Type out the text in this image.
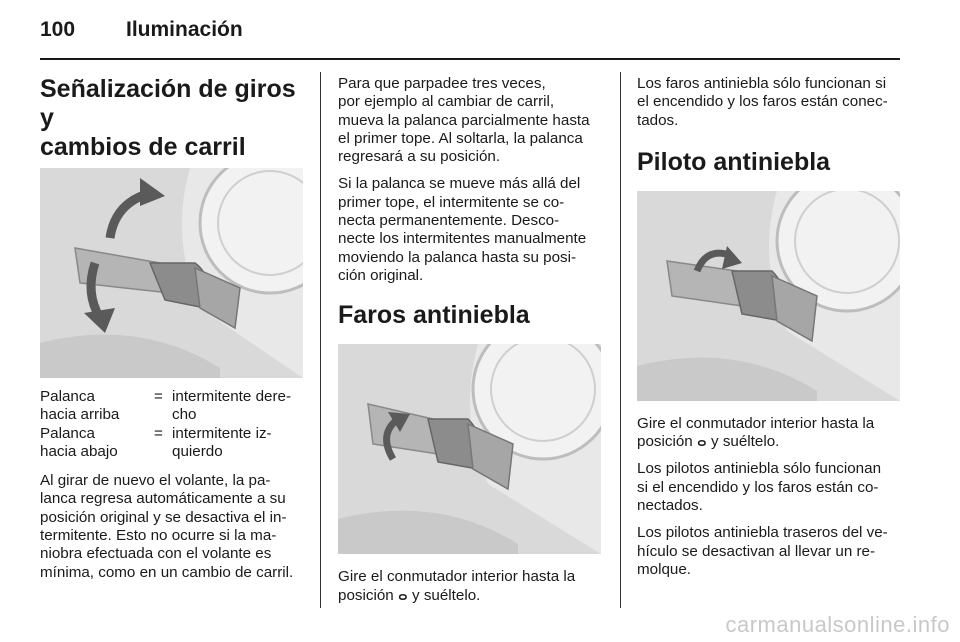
100 Iluminación
Señalización de giros y
cambios de carril
Palanca
hacia arriba	=	intermitente dere-
cho
Palanca
hacia abajo	=	intermitente iz-
quierdo

Al girar de nuevo el volante, la pa-
lanca regresa automáticamente a su
posición original y se desactiva el in-
termitente. Esto no ocurre si la ma-
niobra efectuada con el volante es
mínima, como en un cambio de carril.

Para que parpadee tres veces,
por ejemplo al cambiar de carril,
mueva la palanca parcialmente hasta
el primer tope. Al soltarla, la palanca
regresará a su posición.

Si la palanca se mueve más allá del
primer tope, el intermitente se co-
necta permanentemente. Desco-
necte los intermitentes manualmente
moviendo la palanca hasta su posi-
ción original.

Faros antiniebla

Gire el conmutador interior hasta la
posición ⴰ y suéltelo.

Los faros antiniebla sólo funcionan si
el encendido y los faros están conec-
tados.

Piloto antiniebla

Gire el conmutador interior hasta la
posición ⴰ y suéltelo.

Los pilotos antiniebla sólo funcionan
si el encendido y los faros están co-
nectados.

Los pilotos antiniebla traseros del ve-
hículo se desactivan al llevar un re-
molque.

carmanualsonline.info
